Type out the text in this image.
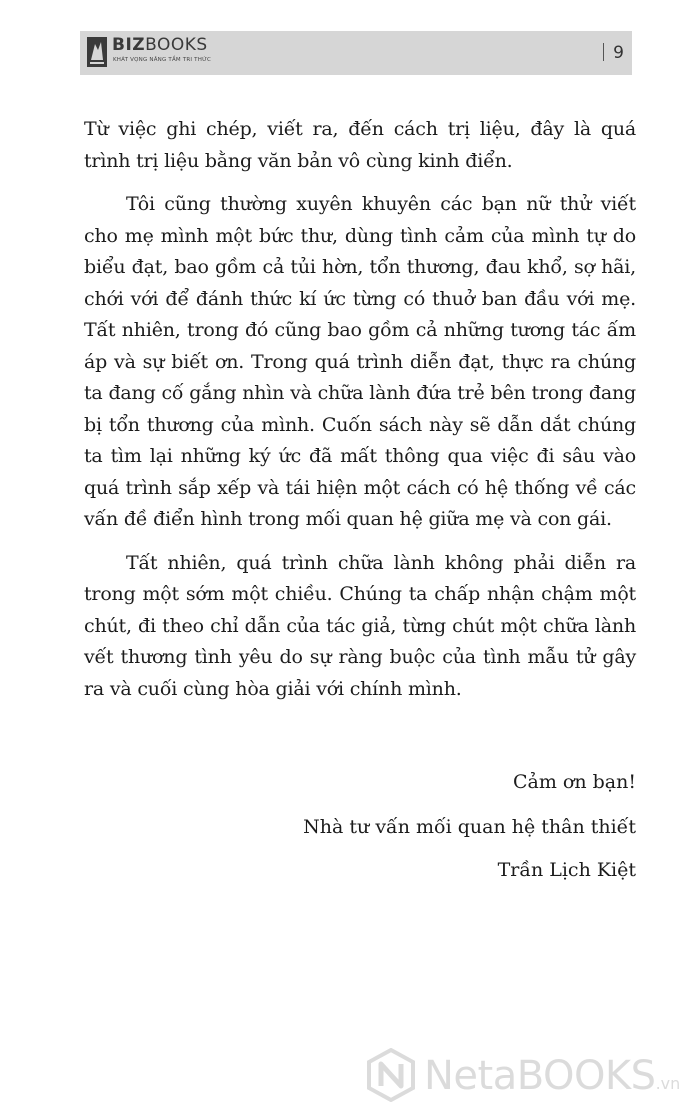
BIZBOOKS
KHÁT VỌNG NÂNG TẦM TRI THỨC	9

Từ việc ghi chép, viết ra, đến cách trị liệu, đây là quá trình trị liệu bằng văn bản vô cùng kinh điển.

Tôi cũng thường xuyên khuyên các bạn nữ thử viết cho mẹ mình một bức thư, dùng tình cảm của mình tự do biểu đạt, bao gồm cả tủi hờn, tổn thương, đau khổ, sợ hãi, chới với để đánh thức kí ức từng có thuở ban đầu với mẹ. Tất nhiên, trong đó cũng bao gồm cả những tương tác ấm áp và sự biết ơn. Trong quá trình diễn đạt, thực ra chúng ta đang cố gắng nhìn và chữa lành đứa trẻ bên trong đang bị tổn thương của mình. Cuốn sách này sẽ dẫn dắt chúng ta tìm lại những ký ức đã mất thông qua việc đi sâu vào quá trình sắp xếp và tái hiện một cách có hệ thống về các vấn đề điển hình trong mối quan hệ giữa mẹ và con gái.

Tất nhiên, quá trình chữa lành không phải diễn ra trong một sớm một chiều. Chúng ta chấp nhận chậm một chút, đi theo chỉ dẫn của tác giả, từng chút một chữa lành vết thương tình yêu do sự ràng buộc của tình mẫu tử gây ra và cuối cùng hòa giải với chính mình.

Cảm ơn bạn!
Nhà tư vấn mối quan hệ thân thiết
Trần Lịch Kiệt
NetaBOOKS.vn
